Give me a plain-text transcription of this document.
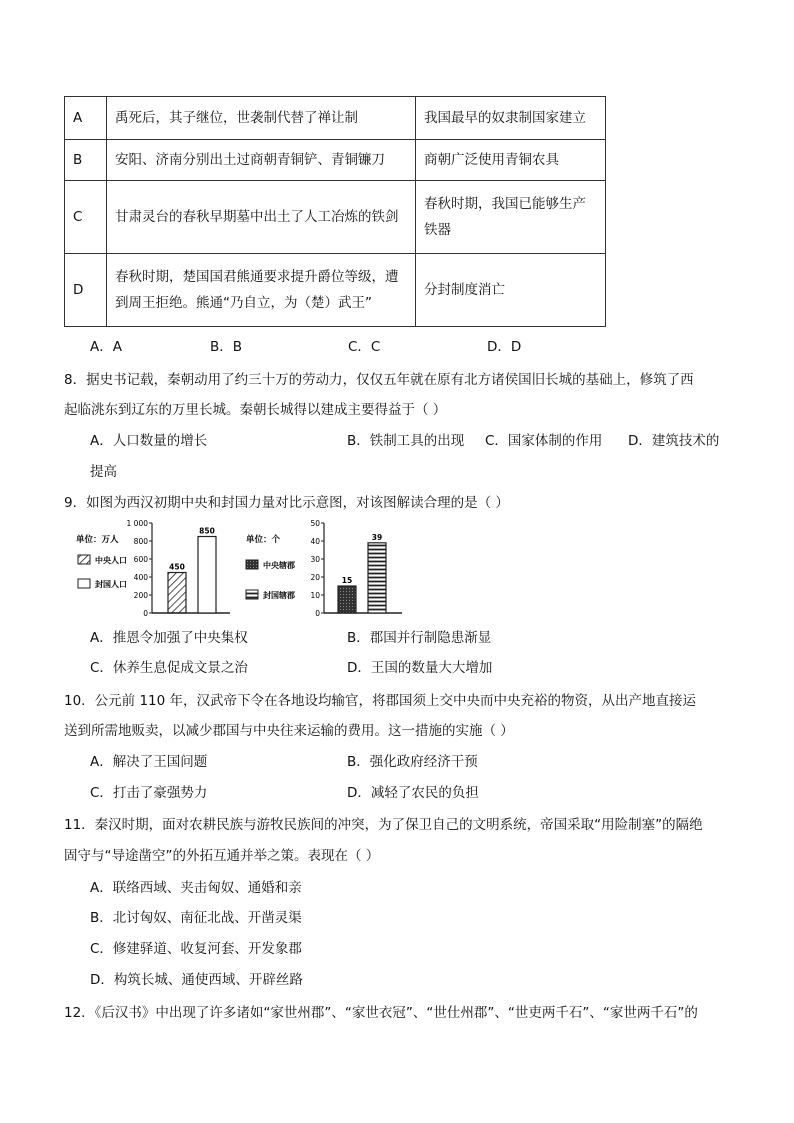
A	禹死后，其子继位，世袭制代替了禅让制	我国最早的奴隶制国家建立
B	安阳、济南分别出土过商朝青铜铲、青铜镰刀	商朝广泛使用青铜农具
C	甘肃灵台的春秋早期墓中出土了人工冶炼的铁剑	春秋时期，我国已能够生产
铁器

D	春秋时期，楚国国君熊通要求提升爵位等级，遭
到周王拒绝。熊通“乃自立，为（楚）武王”	分封制度消亡
A．A	B．B	C．C	D．D
8．据史书记载，秦朝动用了约三十万的劳动力，仅仅五年就在原有北方诸侯国旧长城的基础上，修筑了西
起临洮东到辽东的万里长城。秦朝长城得以建成主要得益于（ ）
A．人口数量的增长	B．铁制工具的出现 C．国家体制的作用 D．建筑技术的
提高
9．如图为西汉初期中央和封国力量对比示意图，对该图解读合理的是（ ）
单位：万人
中央人口
封国人口
0
200
400
600
800
1 000
450
850
单位：个
中央辖郡
封国辖郡
0
10
20
30
40
50
15
39
A．推恩令加强了中央集权	B．郡国并行制隐患渐显
C．休养生息促成文景之治	D．王国的数量大大增加
10．公元前 110 年，汉武帝下令在各地设均输官，将郡国须上交中央而中央充裕的物资，从出产地直接运
送到所需地贩卖，以减少郡国与中央往来运输的费用。这一措施的实施（ ）
A．解决了王国问题	B．强化政府经济干预
C．打击了豪强势力	D．减轻了农民的负担
11．秦汉时期，面对农耕民族与游牧民族间的冲突，为了保卫自己的文明系统，帝国采取“用险制塞”的隔绝
固守与“导途凿空”的外拓互通并举之策。表现在（ ）
A．联络西域、夹击匈奴、通婚和亲
B．北讨匈奴、南征北战、开凿灵渠
C．修建驿道、收复河套、开发象郡
D．构筑长城、通使西域、开辟丝路
12．《后汉书》中出现了许多诸如“家世州郡”、“家世衣冠”、“世仕州郡”、“世吏两千石”、“家世两千石”的
